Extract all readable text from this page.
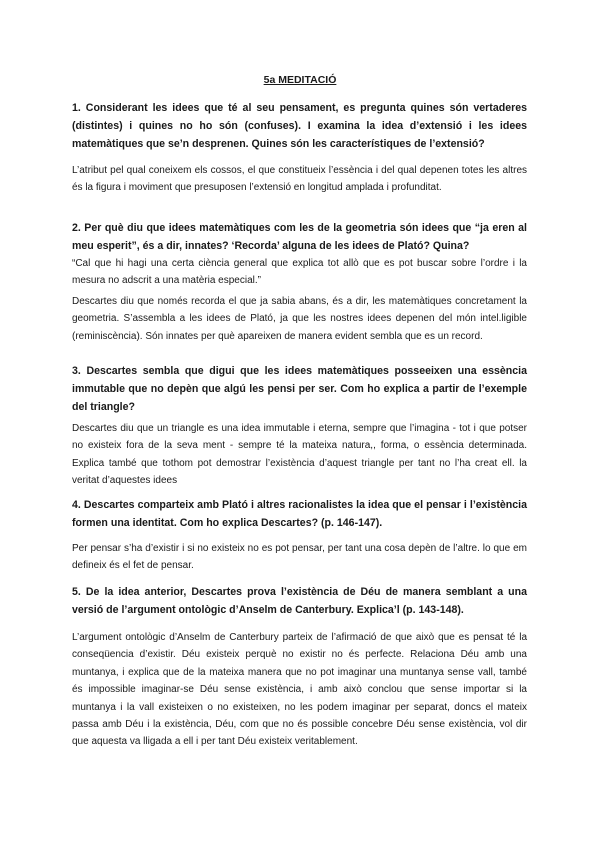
5a MEDITACIÓ

1. Considerant les idees que té al seu pensament, es pregunta quines són vertaderes (distintes) i quines no ho són (confuses). I examina la idea d’extensió i les idees matemàtiques que se’n desprenen. Quines són les característiques de l’extensió?

L’atribut pel qual coneixem els cossos, el que constitueix l’essència i del qual depenen totes les altres és la figura i moviment que presuposen l’extensió en longitud amplada i profunditat.

2. Per què diu que idees matemàtiques com les de la geometria són idees que “ja eren al meu esperit”, és a dir, innates? ‘Recorda’ alguna de les idees de Plató? Quina?

“Cal que hi hagi una certa ciència general que explica tot allò que es pot buscar sobre l’ordre i la mesura no adscrit a una matèria especial.”

Descartes diu que només recorda el que ja sabia abans, és a dir, les matemàtiques concretament la geometria. S’assembla a les idees de Plató, ja que les nostres idees depenen del món intel.ligible (reminiscència). Són innates per què apareixen de manera evident sembla que es un record.

3. Descartes sembla que digui que les idees matemàtiques posseeixen una essència immutable que no depèn que algú les pensi per ser. Com ho explica a partir de l’exemple del triangle?

Descartes diu que un triangle es una idea immutable i eterna, sempre que l’imagina - tot i que potser no existeix fora de la seva ment - sempre té la mateixa natura,, forma, o essència determinada. Explica també que tothom pot demostrar l’existència d’aquest triangle per tant no l’ha creat ell. la veritat d’aquestes idees

4. Descartes comparteix amb Plató i altres racionalistes la idea que el pensar i l’existència formen una identitat. Com ho explica Descartes? (p. 146-147).

Per pensar s’ha d’existir i si no existeix no es pot pensar, per tant una cosa depèn de l’altre. lo que em defineix és el fet de pensar.

5. De la idea anterior, Descartes prova l’existència de Déu de manera semblant a una versió de l’argument ontològic d’Anselm de Canterbury. Explica’l (p. 143-148).

L’argument ontològic d’Anselm de Canterbury parteix de l’afirmació de que això que es pensat té la conseqüencia d’existir. Déu existeix perquè no existir no és perfecte. Relaciona Déu amb una muntanya, i explica que de la mateixa manera que no pot imaginar una muntanya sense vall, també és impossible imaginar-se Déu sense existència, i amb això conclou que sense importar si la muntanya i la vall existeixen o no existeixen, no les podem imaginar per separat, doncs el mateix passa amb Déu i la existència, Déu, com que no és possible concebre Déu sense existència, vol dir que aquesta va lligada a ell i per tant Déu existeix veritablement.
